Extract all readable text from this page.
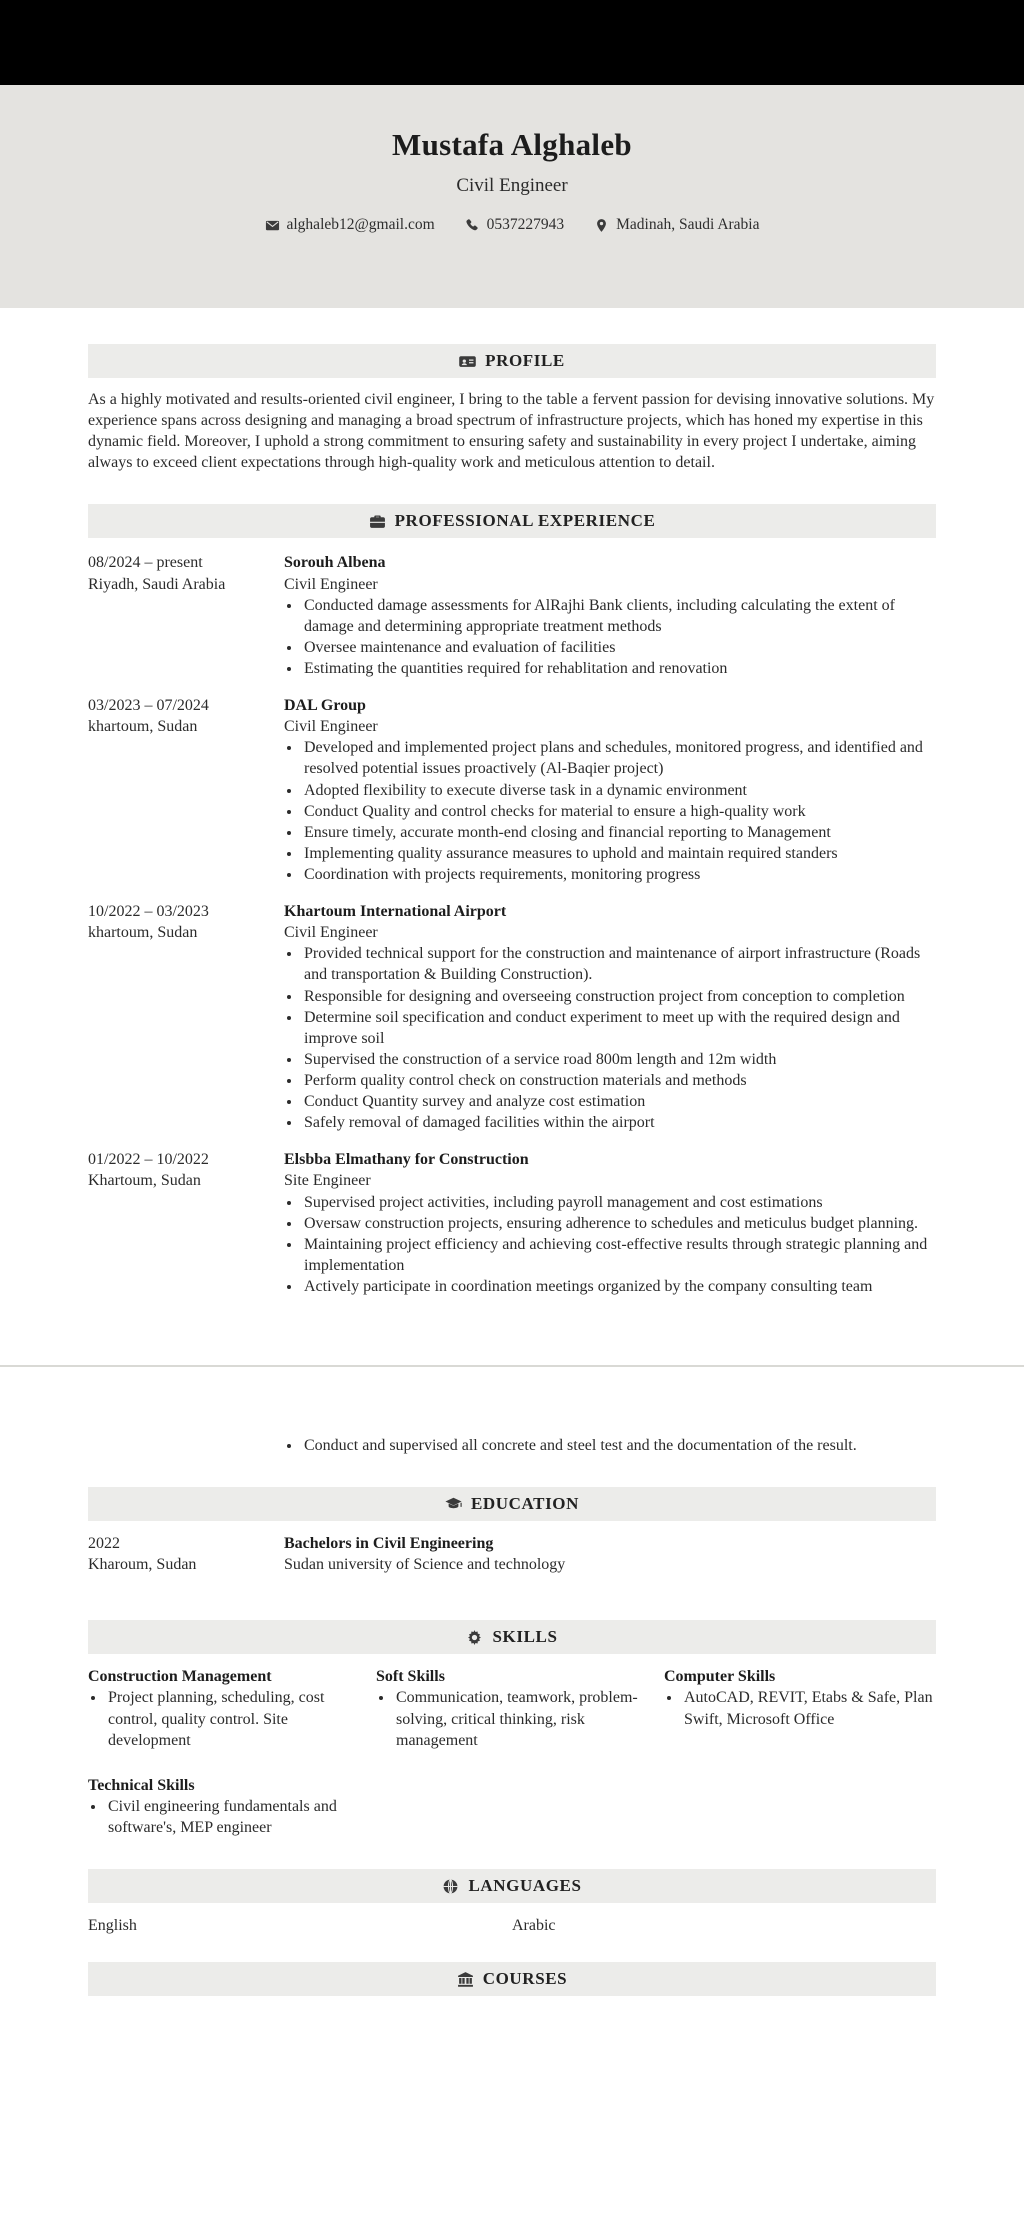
Mustafa Alghaleb
Civil Engineer
alghaleb12@gmail.com	0537227943	Madinah, Saudi Arabia
PROFILE

As a highly motivated and results-oriented civil engineer, I bring to the table a fervent passion for devising innovative solutions. My experience spans across designing and managing a broad spectrum of infrastructure projects, which has honed my expertise in this dynamic field. Moreover, I uphold a strong commitment to ensuring safety and sustainability in every project I undertake, aiming always to exceed client expectations through high-quality work and meticulous attention to detail.

PROFESSIONAL EXPERIENCE
08/2024 – present
Riyadh, Saudi Arabia
Sorouh Albena
Civil Engineer
• Conducted damage assessments for AlRajhi Bank clients, including calculating the extent of damage and determining appropriate treatment methods
• Oversee maintenance and evaluation of facilities
• Estimating the quantities required for rehablitation and renovation
03/2023 – 07/2024
khartoum, Sudan
DAL Group
Civil Engineer
• Developed and implemented project plans and schedules, monitored progress, and identified and resolved potential issues proactively (Al-Baqier project)
• Adopted flexibility to execute diverse task in a dynamic environment
• Conduct Quality and control checks for material to ensure a high-quality work
• Ensure timely, accurate month-end closing and financial reporting to Management
• Implementing quality assurance measures to uphold and maintain required standers
• Coordination with projects requirements, monitoring progress
10/2022 – 03/2023
khartoum, Sudan
Khartoum International Airport
Civil Engineer
• Provided technical support for the construction and maintenance of airport infrastructure (Roads and transportation & Building Construction).
• Responsible for designing and overseeing construction project from conception to completion
• Determine soil specification and conduct experiment to meet up with the required design and improve soil
• Supervised the construction of a service road 800m length and 12m width
• Perform quality control check on construction materials and methods
• Conduct Quantity survey and analyze cost estimation
• Safely removal of damaged facilities within the airport
01/2022 – 10/2022
Khartoum, Sudan
Elsbba Elmathany for Construction
Site Engineer
• Supervised project activities, including payroll management and cost estimations
• Oversaw construction projects, ensuring adherence to schedules and meticulus budget planning.
• Maintaining project efficiency and achieving cost-effective results through strategic planning and implementation
• Actively participate in coordination meetings organized by the company consulting team
• Conduct and supervised all concrete and steel test and the documentation of the result.
EDUCATION
2022
Kharoum, Sudan
Bachelors in Civil Engineering
Sudan university of Science and technology
SKILLS
Construction Management
• Project planning, scheduling, cost control, quality control. Site development
Soft Skills
• Communication, teamwork, problem-solving, critical thinking, risk management
Computer Skills
• AutoCAD, REVIT, Etabs & Safe, Plan Swift, Microsoft Office
Technical Skills
• Civil engineering fundamentals and software's, MEP engineer
LANGUAGES
English	Arabic
COURSES
